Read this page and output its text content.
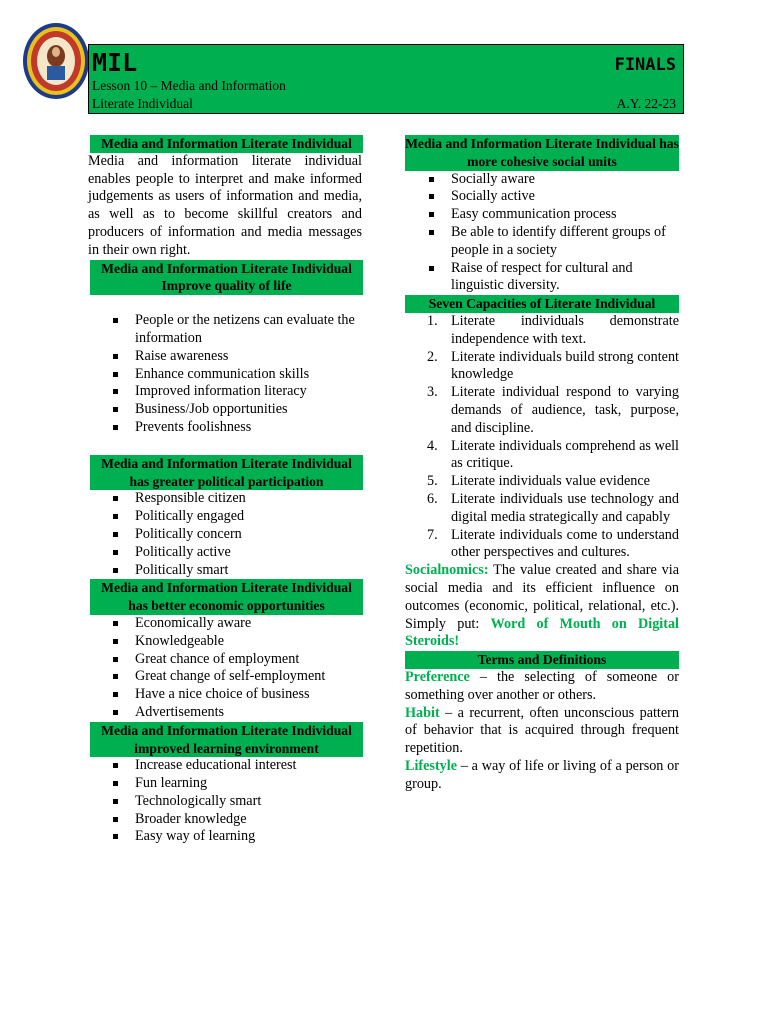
MIL	FINALS
Lesson 10 – Media and Information
Literate Individual	A.Y. 22-23
Media and Information Literate Individual

Media and information literate individual enables people to interpret and make informed judgements as users of information and media, as well as to become skillful creators and producers of information and media messages in their own right.

Media and Information Literate Individual Improve quality of life
People or the netizens can evaluate the information
Raise awareness
Enhance communication skills
Improved information literacy
Business/Job opportunities
Prevents foolishness
Media and Information Literate Individual has greater political participation
Responsible citizen
Politically engaged
Politically concern
Politically active
Politically smart
Media and Information Literate Individual has better economic opportunities
Economically aware
Knowledgeable
Great chance of employment
Great change of self-employment
Have a nice choice of business
Advertisements
Media and Information Literate Individual improved learning environment
Increase educational interest
Fun learning
Technologically smart
Broader knowledge
Easy way of learning
Media and Information Literate Individual has more cohesive social units
Socially aware
Socially active
Easy communication process
Be able to identify different groups of people in a society
Raise of respect for cultural and linguistic diversity.
Seven Capacities of Literate Individual
1. Literate individuals demonstrate independence with text.
2. Literate individuals build strong content knowledge
3. Literate individual respond to varying demands of audience, task, purpose, and discipline.
4. Literate individuals comprehend as well as critique.
5. Literate individuals value evidence
6. Literate individuals use technology and digital media strategically and capably
7. Literate individuals come to understand other perspectives and cultures.

Socialnomics: The value created and share via social media and its efficient influence on outcomes (economic, political, relational, etc.). Simply put: Word of Mouth on Digital Steroids!

Terms and Definitions

Preference – the selecting of someone or something over another or others.

Habit – a recurrent, often unconscious pattern of behavior that is acquired through frequent repetition.

Lifestyle – a way of life or living of a person or group.
